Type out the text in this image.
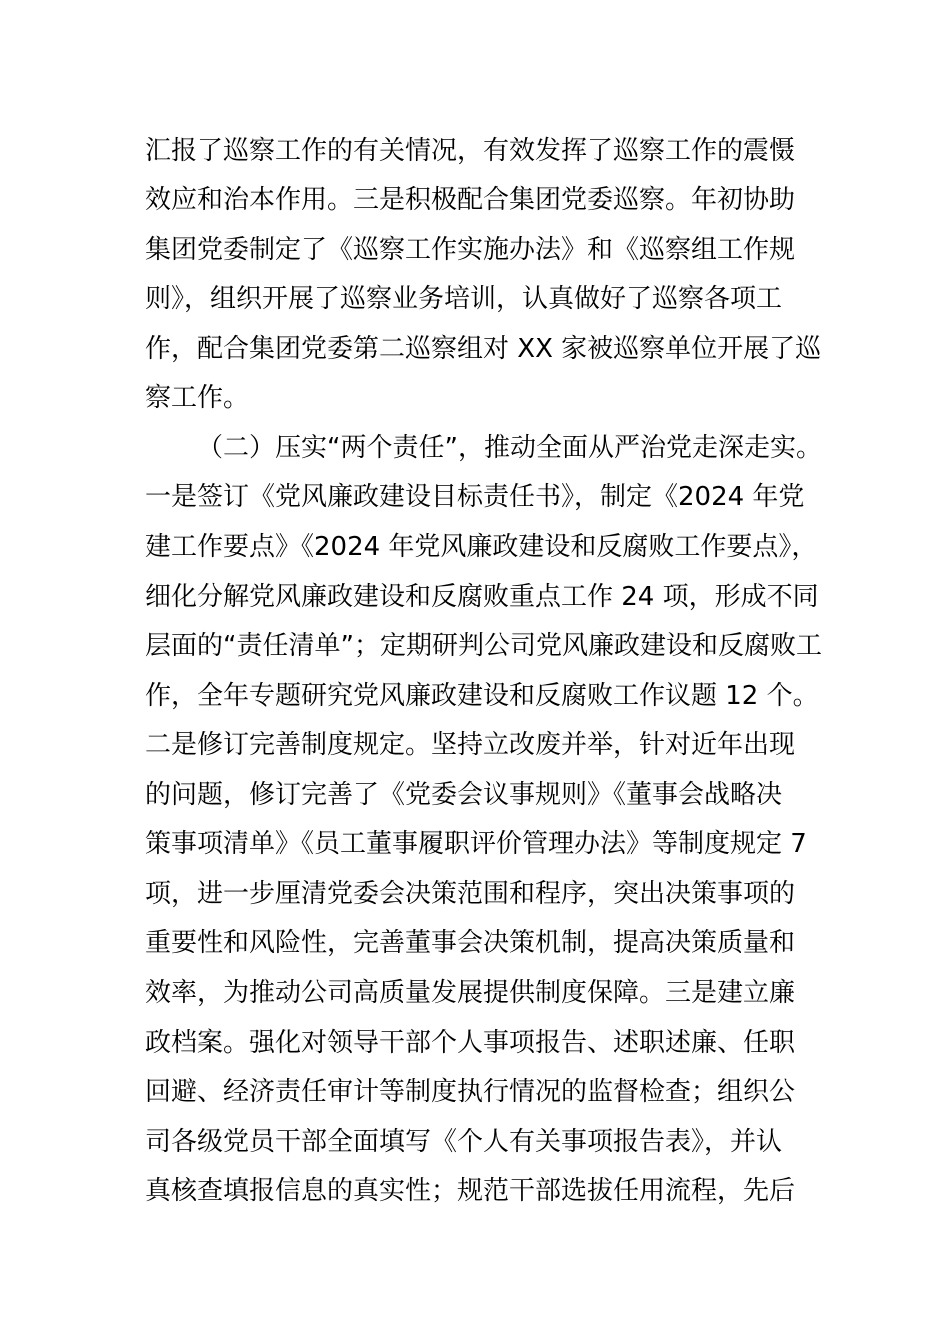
汇报了巡察工作的有关情况，有效发挥了巡察工作的震慑
效应和治本作用。三是积极配合集团党委巡察。年初协助
集团党委制定了《巡察工作实施办法》和《巡察组工作规
则》，组织开展了巡察业务培训，认真做好了巡察各项工
作，配合集团党委第二巡察组对 XX 家被巡察单位开展了巡
察工作。
（二）压实“两个责任”，推动全面从严治党走深走实。
一是签订《党风廉政建设目标责任书》，制定《2024 年党
建工作要点》《2024 年党风廉政建设和反腐败工作要点》，
细化分解党风廉政建设和反腐败重点工作 24 项，形成不同
层面的“责任清单”；定期研判公司党风廉政建设和反腐败工
作，全年专题研究党风廉政建设和反腐败工作议题 12 个。
二是修订完善制度规定。坚持立改废并举，针对近年出现
的问题，修订完善了《党委会议事规则》《董事会战略决
策事项清单》《员工董事履职评价管理办法》等制度规定 7
项，进一步厘清党委会决策范围和程序，突出决策事项的
重要性和风险性，完善董事会决策机制，提高决策质量和
效率，为推动公司高质量发展提供制度保障。三是建立廉
政档案。强化对领导干部个人事项报告、述职述廉、任职
回避、经济责任审计等制度执行情况的监督检查；组织公
司各级党员干部全面填写《个人有关事项报告表》，并认
真核查填报信息的真实性；规范干部选拔任用流程，先后
